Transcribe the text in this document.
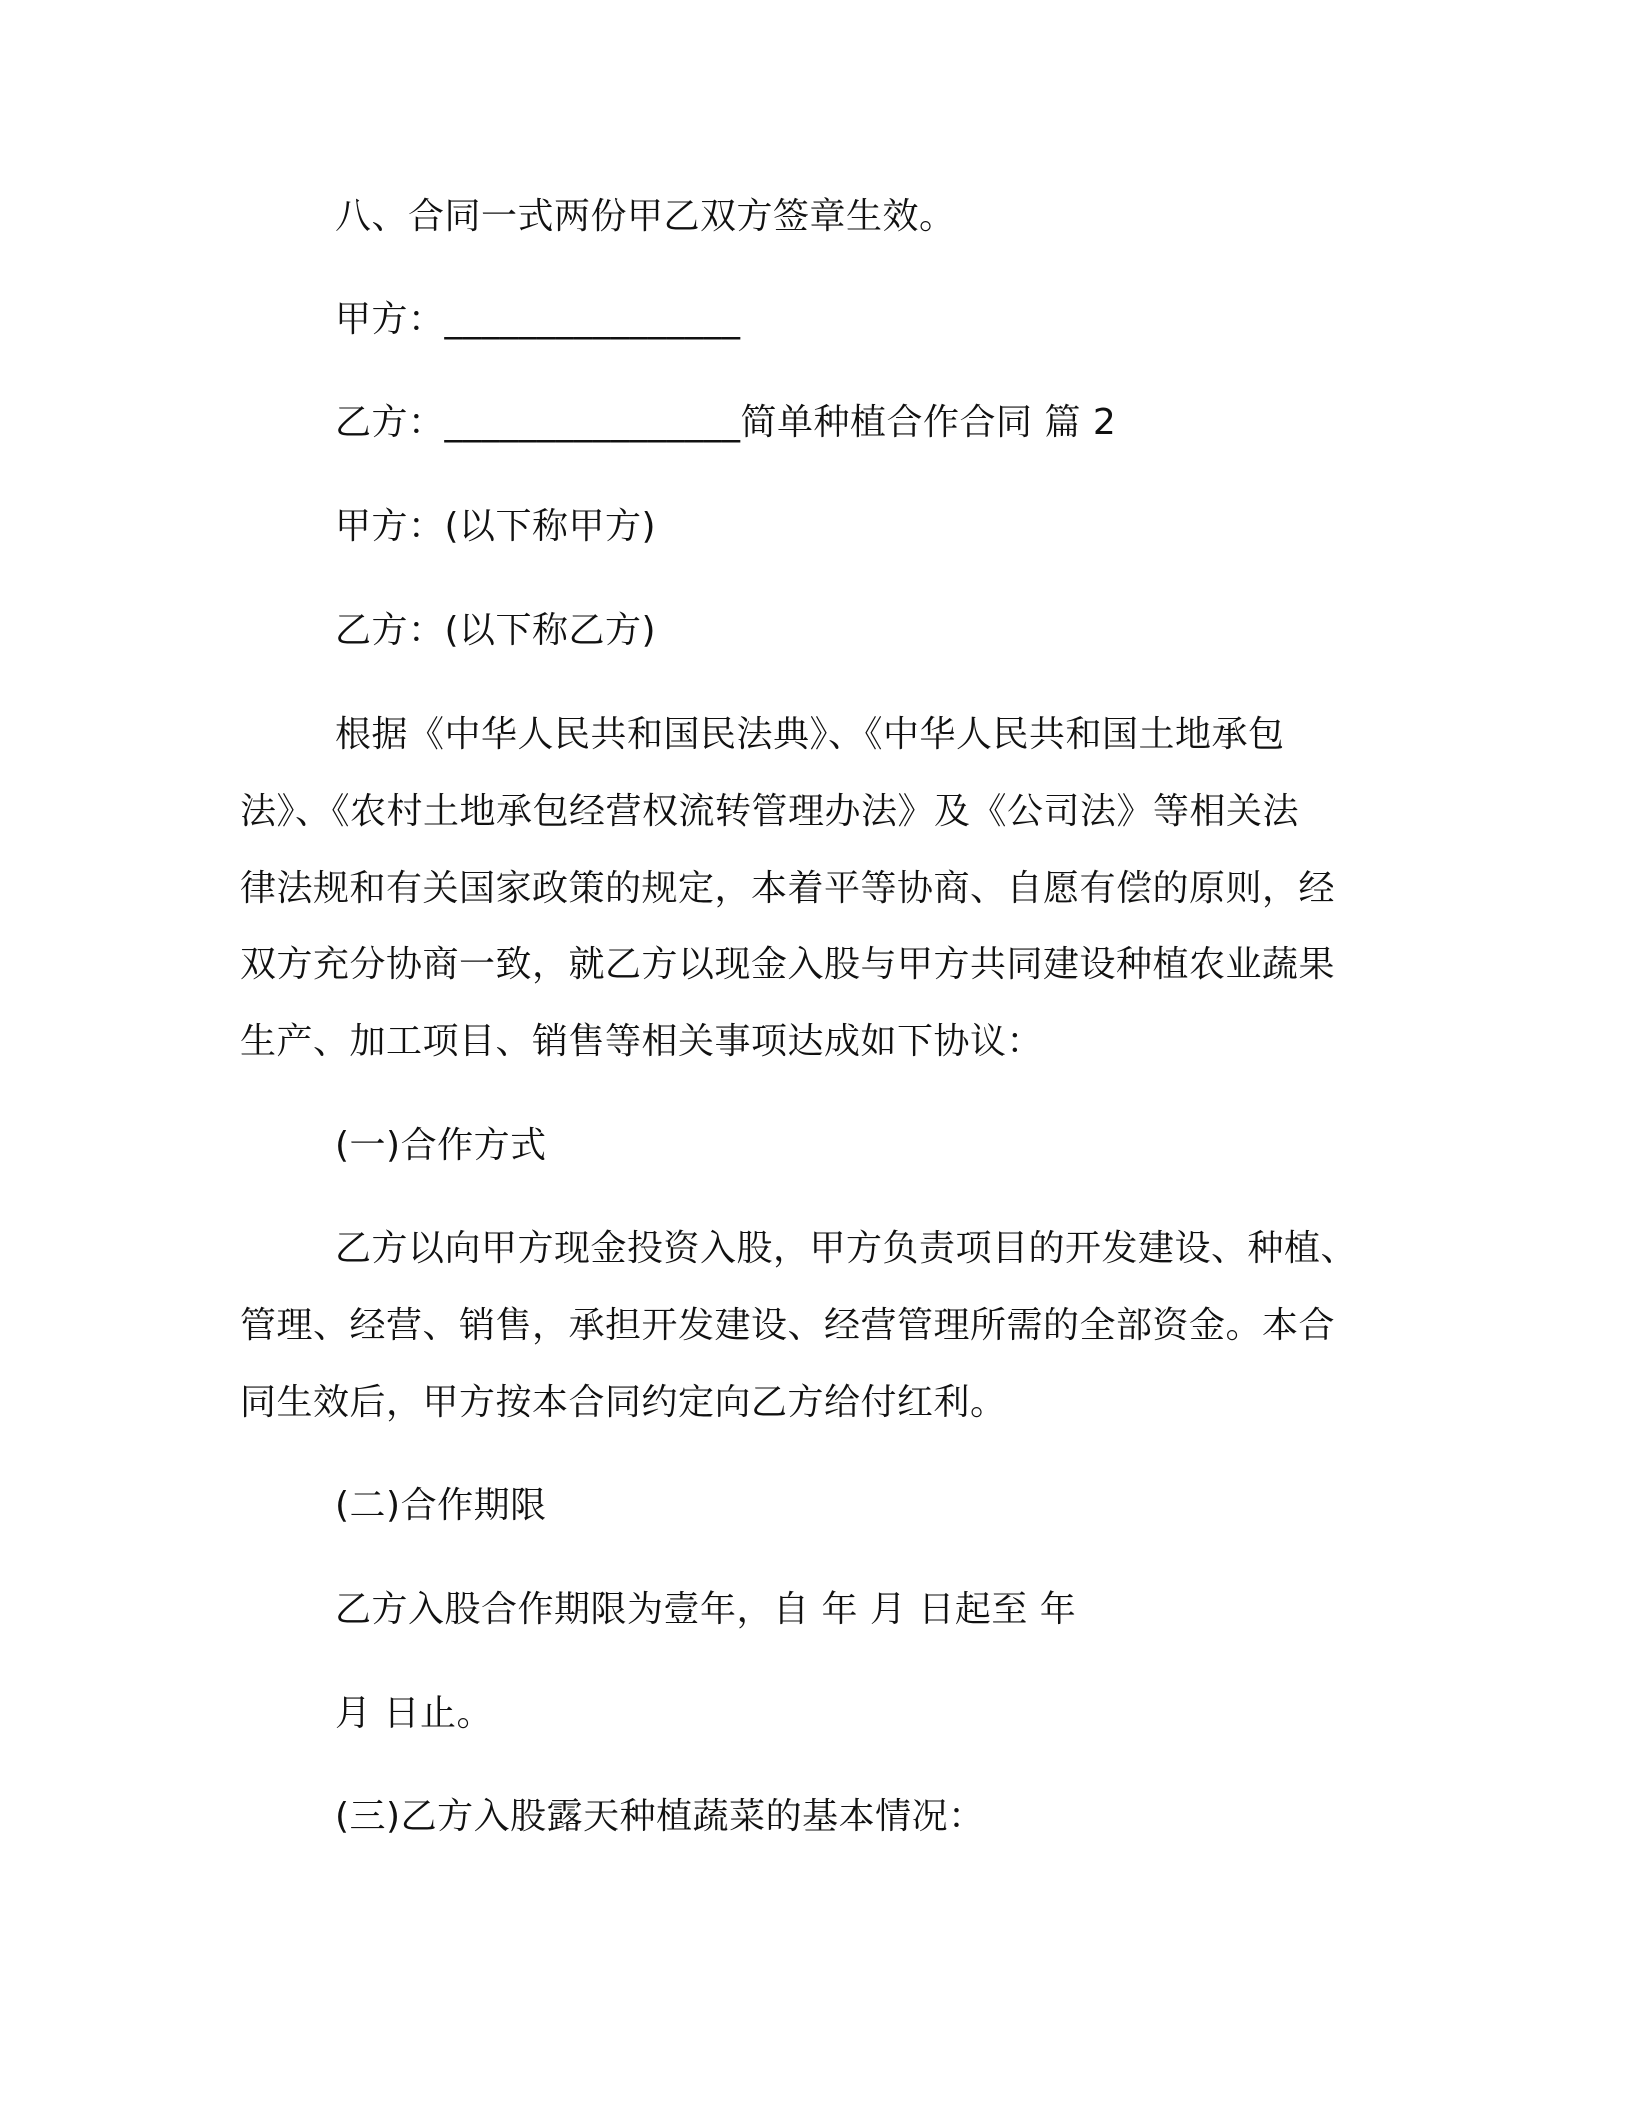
八、合同一式两份甲乙双方签章生效。
甲方：________________
乙方：________________简单种植合作合同 篇 2
甲方：(以下称甲方)
乙方：(以下称乙方)
根据《中华人民共和国民法典》、《中华人民共和国土地承包
法》、《农村土地承包经营权流转管理办法》及《公司法》等相关法
律法规和有关国家政策的规定，本着平等协商、自愿有偿的原则，经
双方充分协商一致，就乙方以现金入股与甲方共同建设种植农业蔬果
生产、加工项目、销售等相关事项达成如下协议：
(一)合作方式
乙方以向甲方现金投资入股，甲方负责项目的开发建设、种植、
管理、经营、销售，承担开发建设、经营管理所需的全部资金。本合
同生效后，甲方按本合同约定向乙方给付红利。
(二)合作期限
乙方入股合作期限为壹年，自 年 月 日起至 年
月 日止。
(三)乙方入股露天种植蔬菜的基本情况：
